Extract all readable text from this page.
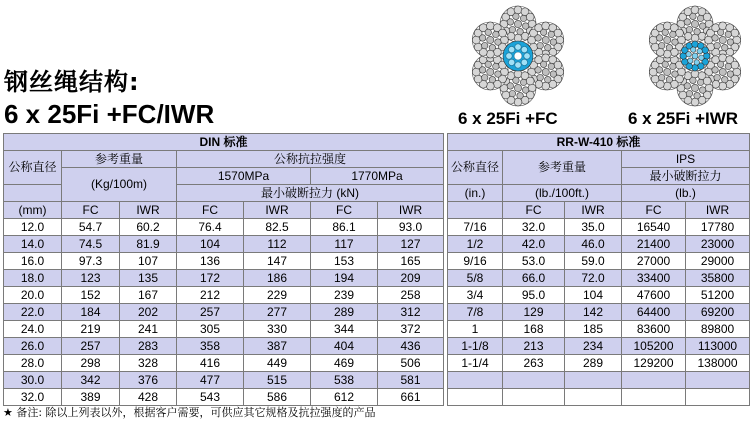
钢丝绳结构:
6 x 25Fi +FC/IWR	6 x 25Fi +FC	6 x 25Fi +IWR
DIN 标准						
公称直径	参考重量		公称抗拉强度			
	(Kg/100m)		1570MPa		1770MPa	
			最小破断拉力 (kN)			
(mm)	FC	IWR	FC	IWR	FC	IWR
12.0	54.7	60.2	76.4	82.5	86.1	93.0
14.0	74.5	81.9	104	112	117	127
16.0	97.3	107	136	147	153	165
18.0	123	135	172	186	194	209
20.0	152	167	212	229	239	258
22.0	184	202	257	277	289	312
24.0	219	241	305	330	344	372
26.0	257	283	358	387	404	436
28.0	298	328	416	449	469	506
30.0	342	376	477	515	538	581
32.0	389	428	543	586	612	661
RR-W-410 标准				
公称直径	参考重量		IPS	
			最小破断拉力	
(in.)	(lb./100ft.)		(lb.)	
	FC	IWR	FC	IWR
7/16	32.0	35.0	16540	17780
1/2	42.0	46.0	21400	23000
9/16	53.0	59.0	27000	29000
5/8	66.0	72.0	33400	35800
3/4	95.0	104	47600	51200
7/8	129	142	64400	69200
1	168	185	83600	89800
1-1/8	213	234	105200	113000
1-1/4	263	289	129200	138000

★ 备注: 除以上列表以外，根据客户需要，可供应其它规格及抗拉强度的产品
